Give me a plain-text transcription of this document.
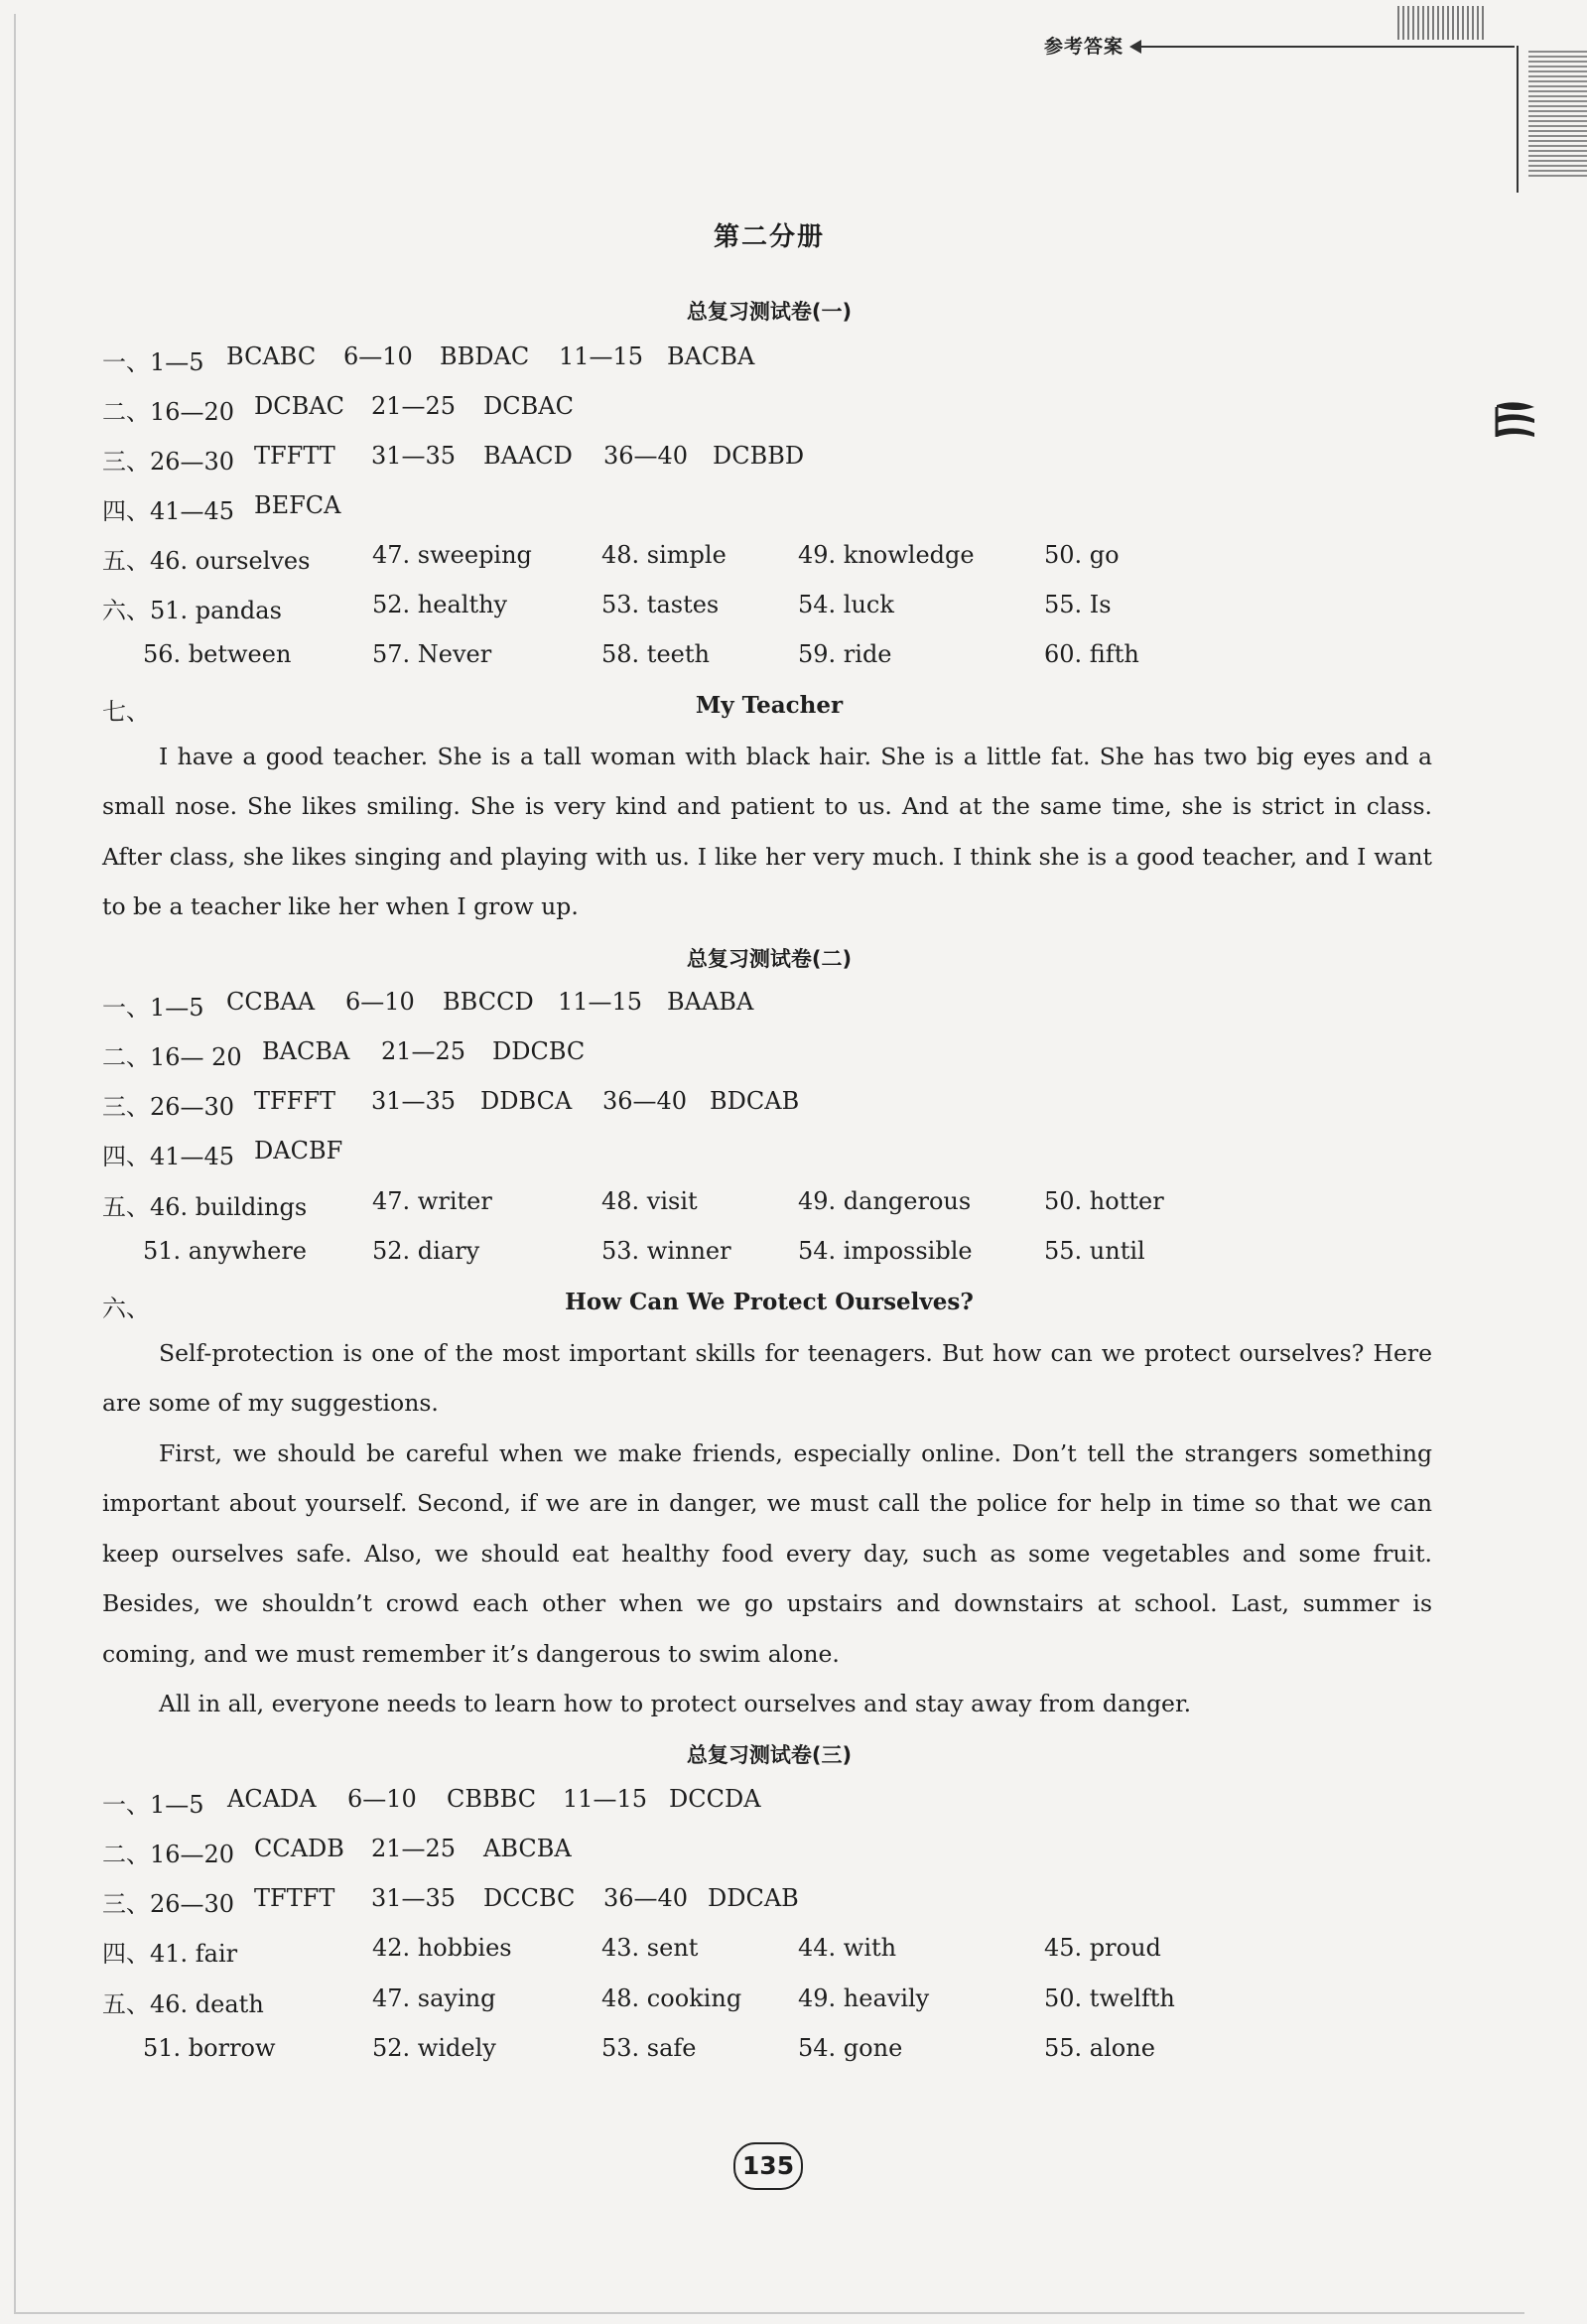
参考答案
第二分册
总复习测试卷(一)
一、1—5 BCABC 6—10 BBDAC 11—15 BACBA
二、16—20 DCBAC 21—25 DCBAC
三、26—30 TFFTT 31—35 BAACD 36—40 DCBBD
四、41—45 BEFCA
五、46. ourselves	47. sweeping	48. simple	49. knowledge	50. go
六、51. pandas	52. healthy	53. tastes	54. luck	55. Is
56. between	57. Never	58. teeth	59. ride	60. fifth
七、	My Teacher
I have a good teacher. She is a tall woman with black hair. She is a little fat. She has two big eyes and a small nose. She likes smiling. She is very kind and patient to us. And at the same time, she is strict in class. After class, she likes singing and playing with us. I like her very much. I think she is a good teacher, and I want to be a teacher like her when I grow up.
总复习测试卷(二)
一、1—5 CCBAA 6—10 BBCCD 11—15 BAABA
二、16— 20 BACBA 21—25 DDCBC
三、26—30 TFFFT 31—35 DDBCA 36—40 BDCAB
四、41—45 DACBF
五、46. buildings	47. writer	48. visit	49. dangerous	50. hotter
51. anywhere	52. diary	53. winner	54. impossible	55. until
六、	How Can We Protect Ourselves?
Self-protection is one of the most important skills for teenagers. But how can we protect ourselves? Here are some of my suggestions.
First, we should be careful when we make friends, especially online. Don’t tell the strangers something important about yourself. Second, if we are in danger, we must call the police for help in time so that we can keep ourselves safe. Also, we should eat healthy food every day, such as some vegetables and some fruit. Besides, we shouldn’t crowd each other when we go upstairs and downstairs at school. Last, summer is coming, and we must remember it’s dangerous to swim alone.
All in all, everyone needs to learn how to protect ourselves and stay away from danger.
总复习测试卷(三)
一、1—5 ACADA 6—10 CBBBC 11—15 DCCDA
二、16—20 CCADB 21—25 ABCBA
三、26—30 TFTFT 31—35 DCCBC 36—40 DDCAB
四、41. fair	42. hobbies	43. sent	44. with	45. proud
五、46. death	47. saying	48. cooking 49. heavily	50. twelfth
51. borrow	52. widely	53. safe	54. gone	55. alone
135
